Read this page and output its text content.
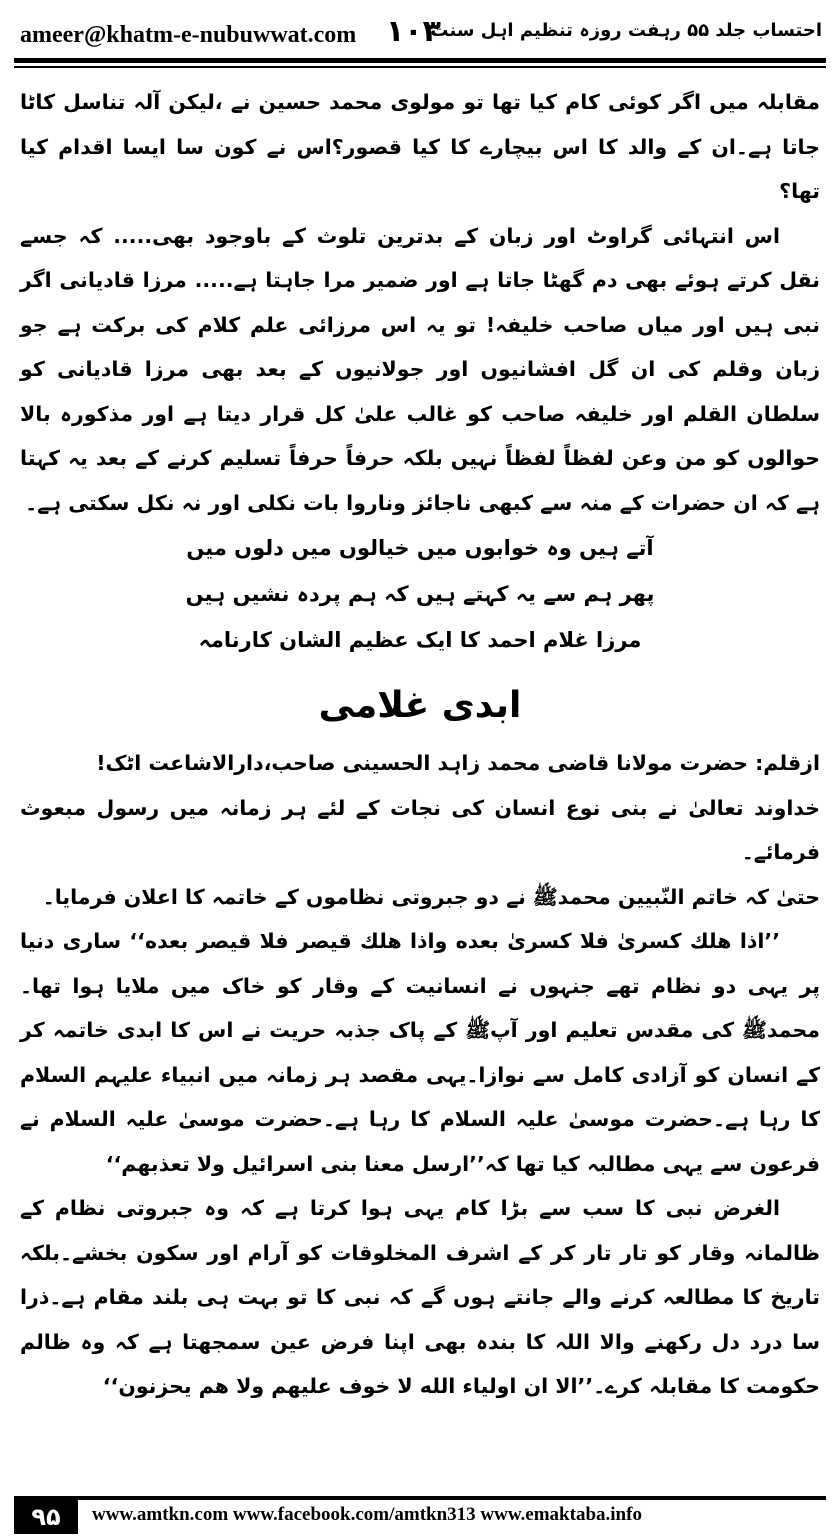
ameer@khatm-e-nubuwwat.com ۱۰۳
احتساب جلد ۵۵ رہفت روزہ تنظیم اہل سنت

مقابلہ میں اگر کوئی کام کیا تھا تو مولوی محمد حسین نے ،لیکن آلہ تناسل کاٹا جاتا ہے۔ان کے والد کا اس بیچارے کا کیا قصور؟اس نے کون سا ایسا اقدام کیا تھا؟

اس انتہائی گراوٹ اور زبان کے بدترین تلوث کے باوجود بھی..... کہ جسے نقل کرتے ہوئے بھی دم گھٹا جاتا ہے اور ضمیر مرا جاہتا ہے..... مرزا قادیانی اگر نبی ہیں اور میاں صاحب خلیفہ! تو یہ اس مرزائی علم کلام کی برکت ہے جو زبان وقلم کی ان گل افشانیوں اور جولانیوں کے بعد بھی مرزا قادیانی کو سلطان القلم اور خلیفہ صاحب کو غالب علیٰ کل قرار دیتا ہے اور مذکورہ بالا حوالوں کو من وعن لفظاً لفظاً نہیں بلکہ حرفاً حرفاً تسلیم کرنے کے بعد یہ کہتا ہے کہ ان حضرات کے منہ سے کبھی ناجائز وناروا بات نکلی اور نہ نکل سکتی ہے۔

آتے ہیں وہ خوابوں میں خیالوں میں دلوں میں

پھر ہم سے یہ کہتے ہیں کہ ہم پردہ نشیں ہیں

مرزا غلام احمد کا ایک عظیم الشان کارنامہ

ابدی غلامی

ازقلم: حضرت مولانا قاضی محمد زاہد الحسینی صاحب،دارالاشاعت اٹک!

خداوند تعالیٰ نے بنی نوع انسان کی نجات کے لئے ہر زمانہ میں رسول مبعوث فرمائے۔

حتیٰ کہ خاتم النّبیین محمدﷺ نے دو جبروتی نظاموں کے خاتمہ کا اعلان فرمایا۔

’’اذا هلك كسرىٰ فلا كسرىٰ بعده واذا هلك قيصر فلا قيصر بعده‘‘ ساری دنیا پر یہی دو نظام تھے جنہوں نے انسانیت کے وقار کو خاک میں ملایا ہوا تھا۔ محمدﷺ کی مقدس تعلیم اور آپﷺ کے پاک جذبہ حریت نے اس کا ابدی خاتمہ کر کے انسان کو آزادی کامل سے نوازا۔یہی مقصد ہر زمانہ میں انبیاء علیہم السلام کا رہا ہے۔حضرت موسیٰ علیہ السلام کا رہا ہے۔حضرت موسیٰ علیہ السلام نے فرعون سے یہی مطالبہ کیا تھا کہ’’ارسل معنا بنی اسرائیل ولا تعذبهم‘‘

الغرض نبی کا سب سے بڑا کام یہی ہوا کرتا ہے کہ وہ جبروتی نظام کے ظالمانہ وقار کو تار تار کر کے اشرف المخلوقات کو آرام اور سکون بخشے۔بلکہ تاریخ کا مطالعہ کرنے والے جانتے ہوں گے کہ نبی کا تو بہت ہی بلند مقام ہے۔ذرا سا درد دل رکھنے والا اللہ کا بندہ بھی اپنا فرض عین سمجھتا ہے کہ وہ ظالم حکومت کا مقابلہ کرے۔’’الا ان اولياء الله لا خوف عليهم ولا هم يحزنون‘‘

۹۵	www.amtkn.com www.facebook.com/amtkn313 www.emaktaba.info
